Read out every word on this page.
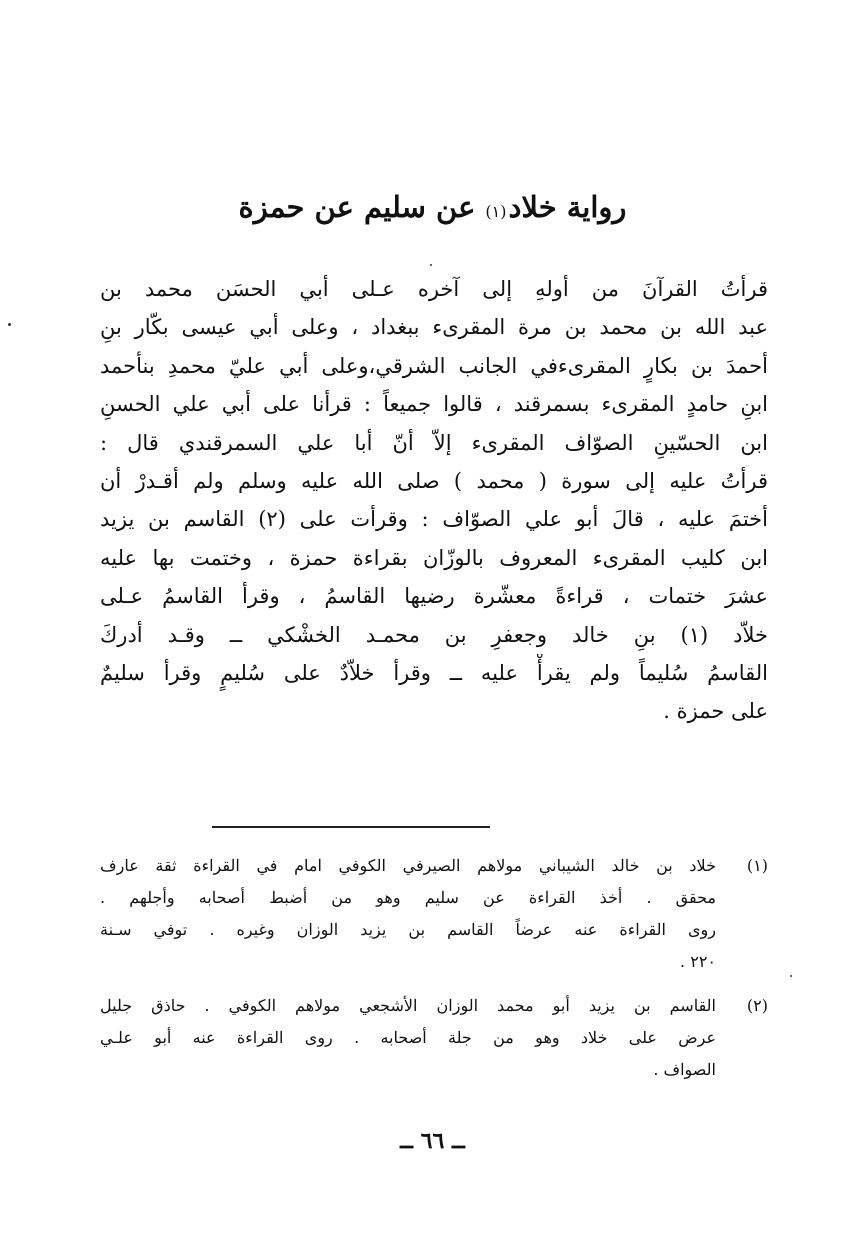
رواية خلاد(١)عن سليم عن حمزة
قرأتُ القرآنَ من أولهِ إلى آخره عـلى أبي الحسَن محمد بن
عبد الله بن محمد بن مرة المقرىء ببغداد ، وعلى أبي عيسى بكّار بنِ
أحمدَ بن بكارٍ المقرىءفي الجانب الشرقي،وعلى أبي عليّ محمدِ بنأحمد
ابنِ حامدٍ المقرىء بسمرقند ، قالوا جميعاً : قرأنا على أبي علي الحسنِ
ابن الحسّينِ الصوّاف المقرىء إلاّ أنّ أبا علي السمرقندي قال :
قرأتُ عليه إلى سورة ( محمد ) صلى الله عليه وسلم ولم أقـدرْ أن
أختمَ عليه ، قالَ أبو علي الصوّاف : وقرأت على (٢) القاسم بن يزيد
ابن كليب المقرىء المعروف بالوزّان بقراءة حمزة ، وختمت بها عليه
عشرَ ختمات ، قراءةً معشّرة رضيها القاسمُ ، وقرأ القاسمُ عـلى
خلاّد (١) بنِ خالد وجعفرِ بن محمـد الخشْكي ــ وقـد أدركَ
القاسمُ سُليماً ولم يقرأْ عليه ــ وقرأ خلاّدٌ على سُليمٍ وقرأ سليمٌ
على حمزة .
(١)
خلاد بن خالد الشيباني مولاهم الصيرفي الكوفي امام في القراءة ثقة عارف
محقق . أخذ القراءة عن سليم وهو من أضبط أصحابه وأجلهم .
روى القراءة عنه عرضاً القاسم بن يزيد الوزان وغيره . توفي سـنة
٢٢٠ .
(٢)
القاسم بن يزيد أبو محمد الوزان الأشجعي مولاهم الكوفي . حاذق جليل
عرض على خلاد وهو من جلة أصحابه . روى القراءة عنه أبو علـي
الصواف .
ــ ٦٦ ــ
